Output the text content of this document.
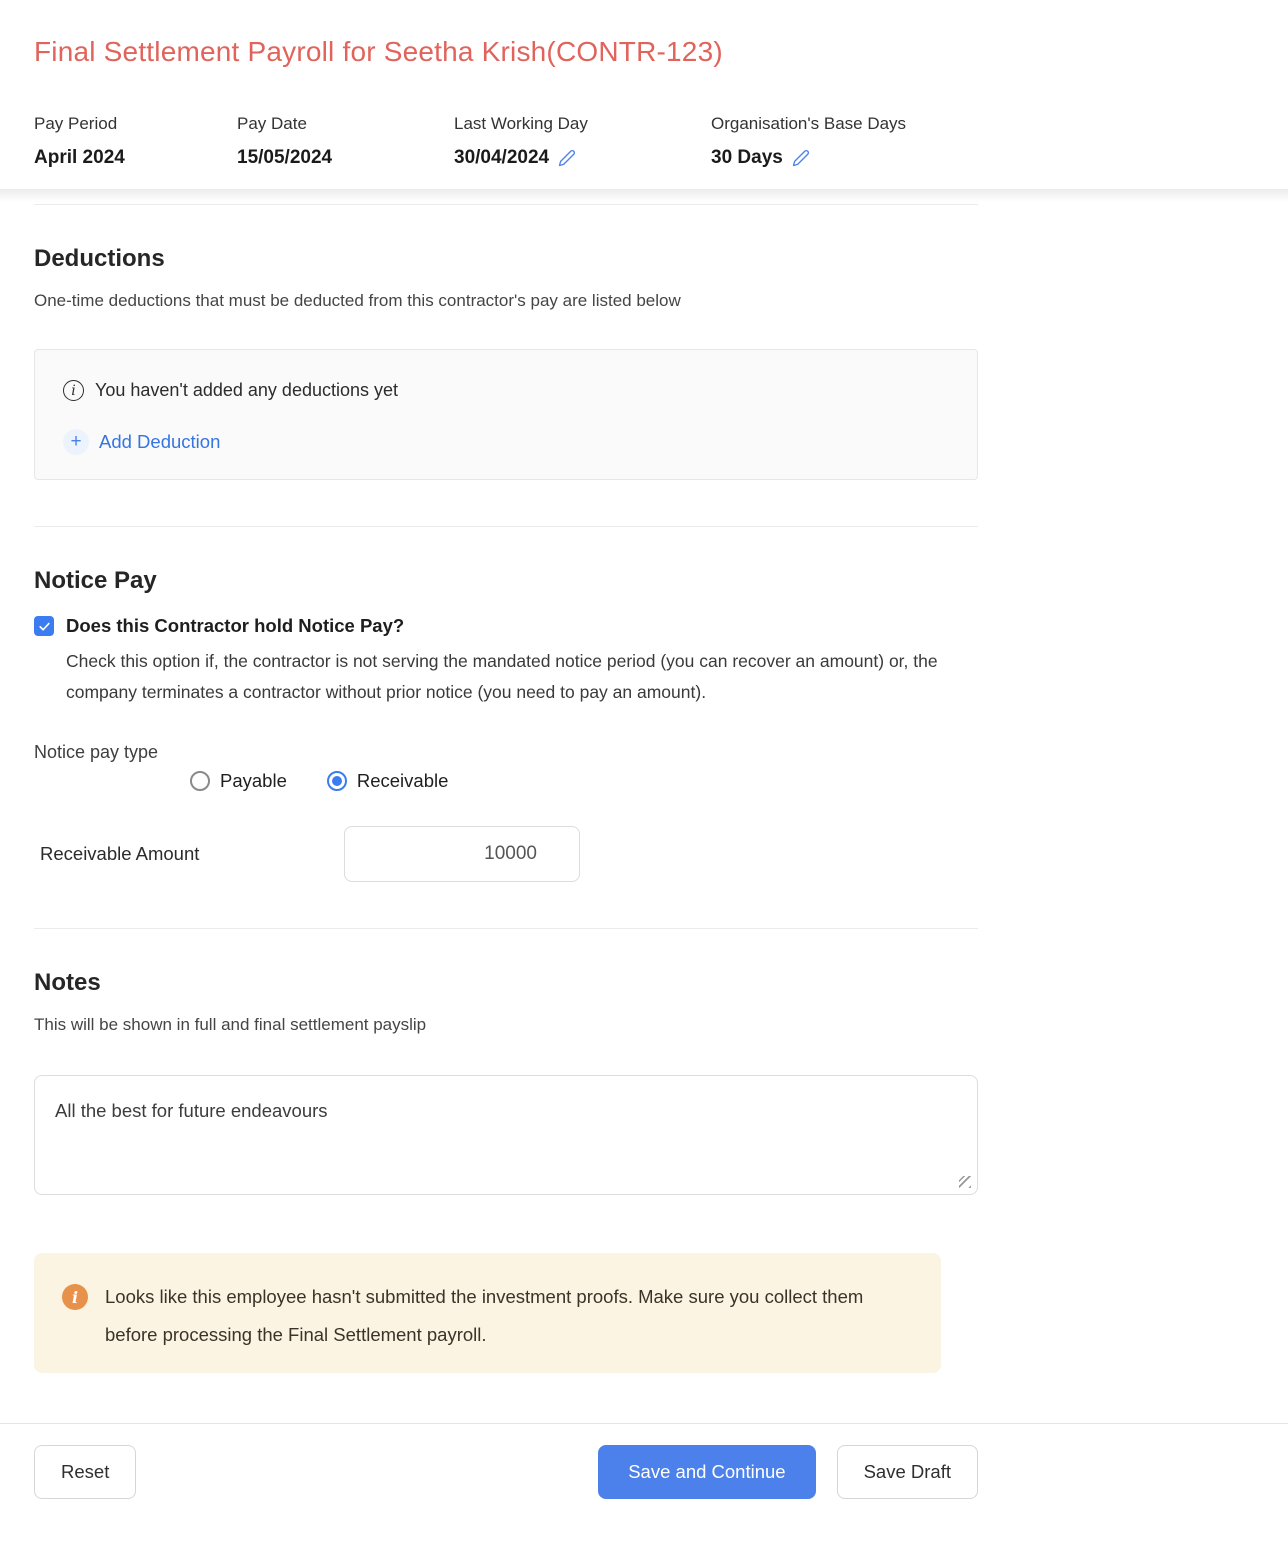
Final Settlement Payroll for Seetha Krish(CONTR-123)
Pay Period
April 2024
Pay Date
15/05/2024
Last Working Day
30/04/2024
Organisation's Base Days
30 Days
Deductions
One-time deductions that must be deducted from this contractor's pay are listed below
i	You haven't added any deductions yet
+ Add Deduction
Notice Pay
Does this Contractor hold Notice Pay?
Check this option if, the contractor is not serving the mandated notice period (you can recover an amount) or, the company terminates a contractor without prior notice (you need to pay an amount).
Notice pay type
Payable	Receivable
Receivable Amount
10000
Notes
This will be shown in full and final settlement payslip
All the best for future endeavours
i	Looks like this employee hasn't submitted the investment proofs. Make sure you collect them before processing the Final Settlement payroll.
Reset	Save and Continue	Save Draft
